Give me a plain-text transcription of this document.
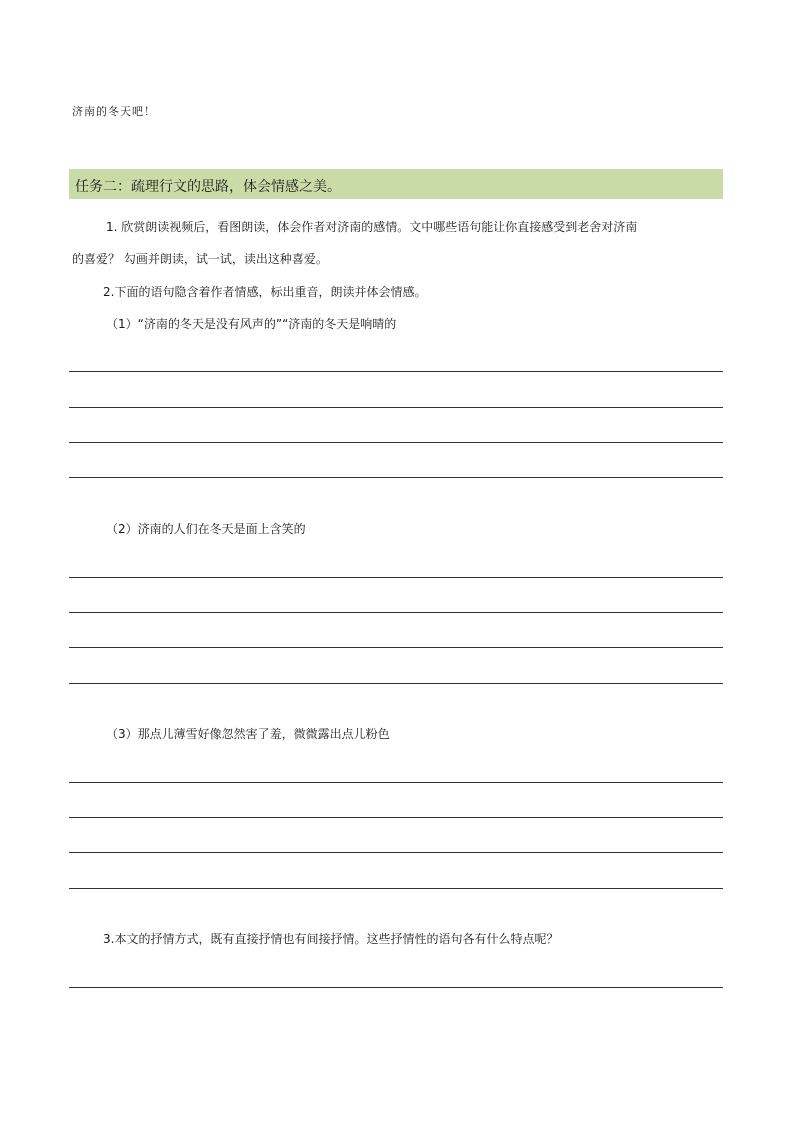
济南的冬天吧！
任务二：疏理行文的思路，体会情感之美。
1. 欣赏朗读视频后，看图朗读，体会作者对济南的感情。文中哪些语句能让你直接感受到老舍对济南
的喜爱？ 勾画并朗读，试一试，读出这种喜爱。
2.下面的语句隐含着作者情感，标出重音，朗读并体会情感。
（1）“济南的冬天是没有风声的”“济南的冬天是响晴的
（2）济南的人们在冬天是面上含笑的
（3）那点儿薄雪好像忽然害了羞，微微露出点儿粉色
3.本文的抒情方式，既有直接抒情也有间接抒情。这些抒情性的语句各有什么特点呢？
